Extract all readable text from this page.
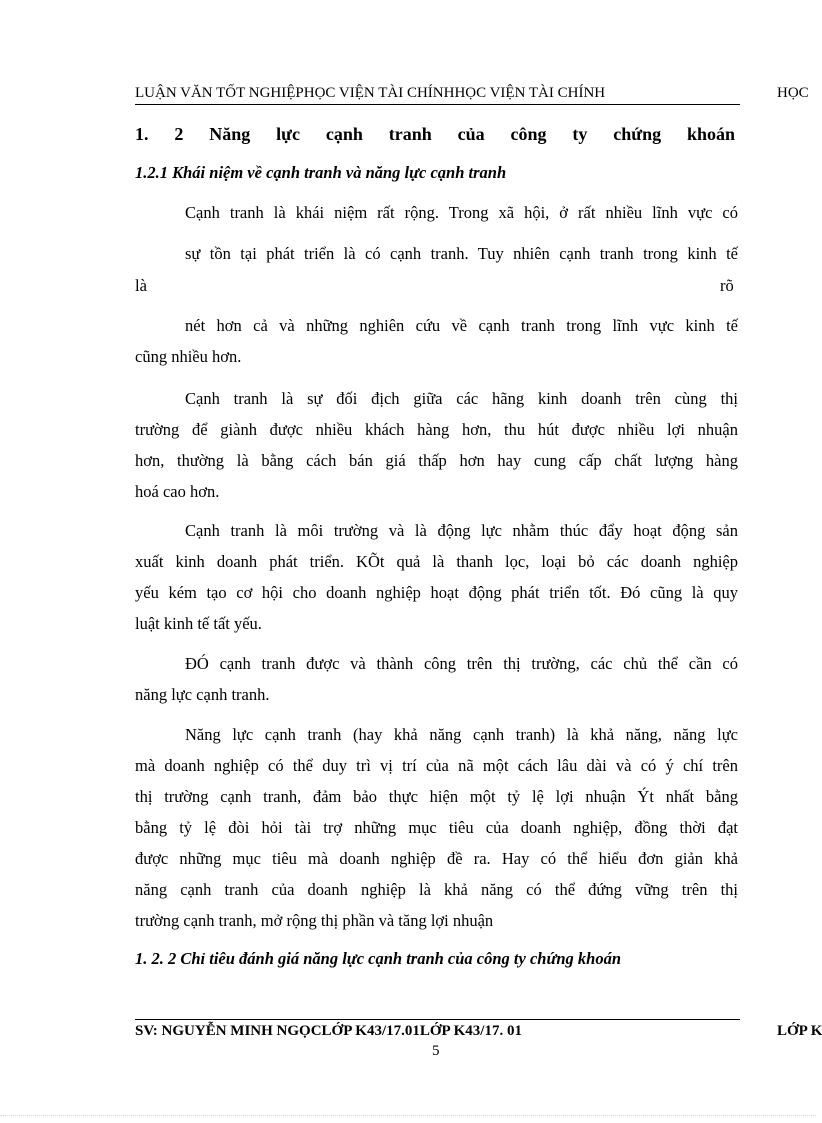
LUẬN VĂN TỐT NGHIỆPHỌC VIỆN TÀI CHÍNHHỌC VIỆN TÀI CHÍNH	HỌC
1. 2 Năng lực cạnh tranh của công ty chứng khoán
1.2.1 Khái niệm về cạnh tranh và năng lực cạnh tranh
Cạnh tranh là khái niệm rất rộng. Trong xã hội, ở rất nhiều lĩnh vực có
sự tồn tại phát triển là có cạnh tranh. Tuy nhiên cạnh tranh trong kinh tế
là	rõ
nét hơn cả và những nghiên cứu về cạnh tranh trong lĩnh vực kinh tế
cũng nhiều hơn.
Cạnh tranh là sự đối địch giữa các hãng kinh doanh trên cùng thị
trường để giành được nhiều khách hàng hơn, thu hút được nhiều lợi nhuận
hơn, thường là bằng cách bán giá thấp hơn hay cung cấp chất lượng hàng
hoá cao hơn.
Cạnh tranh là môi trường và là động lực nhằm thúc đẩy hoạt động sản
xuất kinh doanh phát triển. KÕt quả là thanh lọc, loại bỏ các doanh nghiệp
yếu kém tạo cơ hội cho doanh nghiệp hoạt động phát triển tốt. Đó cũng là quy
luật kinh tế tất yếu.
ĐÓ cạnh tranh được và thành công trên thị trường, các chủ thể cần có
năng lực cạnh tranh.
Năng lực cạnh tranh (hay khả năng cạnh tranh) là khả năng, năng lực
mà doanh nghiệp có thể duy trì vị trí của nã một cách lâu dài và có ý chí trên
thị trường cạnh tranh, đảm bảo thực hiện một tỷ lệ lợi nhuận Ýt nhất bằng
bằng tỷ lệ đòi hỏi tài trợ những mục tiêu của doanh nghiệp, đồng thời đạt
được những mục tiêu mà doanh nghiệp đề ra. Hay có thể hiểu đơn giản khả
năng cạnh tranh của doanh nghiệp là khả năng có thể đứng vững trên thị
trường cạnh tranh, mở rộng thị phần và tăng lợi nhuận
1. 2. 2 Chỉ tiêu đánh giá năng lực cạnh tranh của công ty chứng khoán
SV: NGUYỄN MINH NGỌCLỚP K43/17.01LỚP K43/17. 01	LỚP K
5
